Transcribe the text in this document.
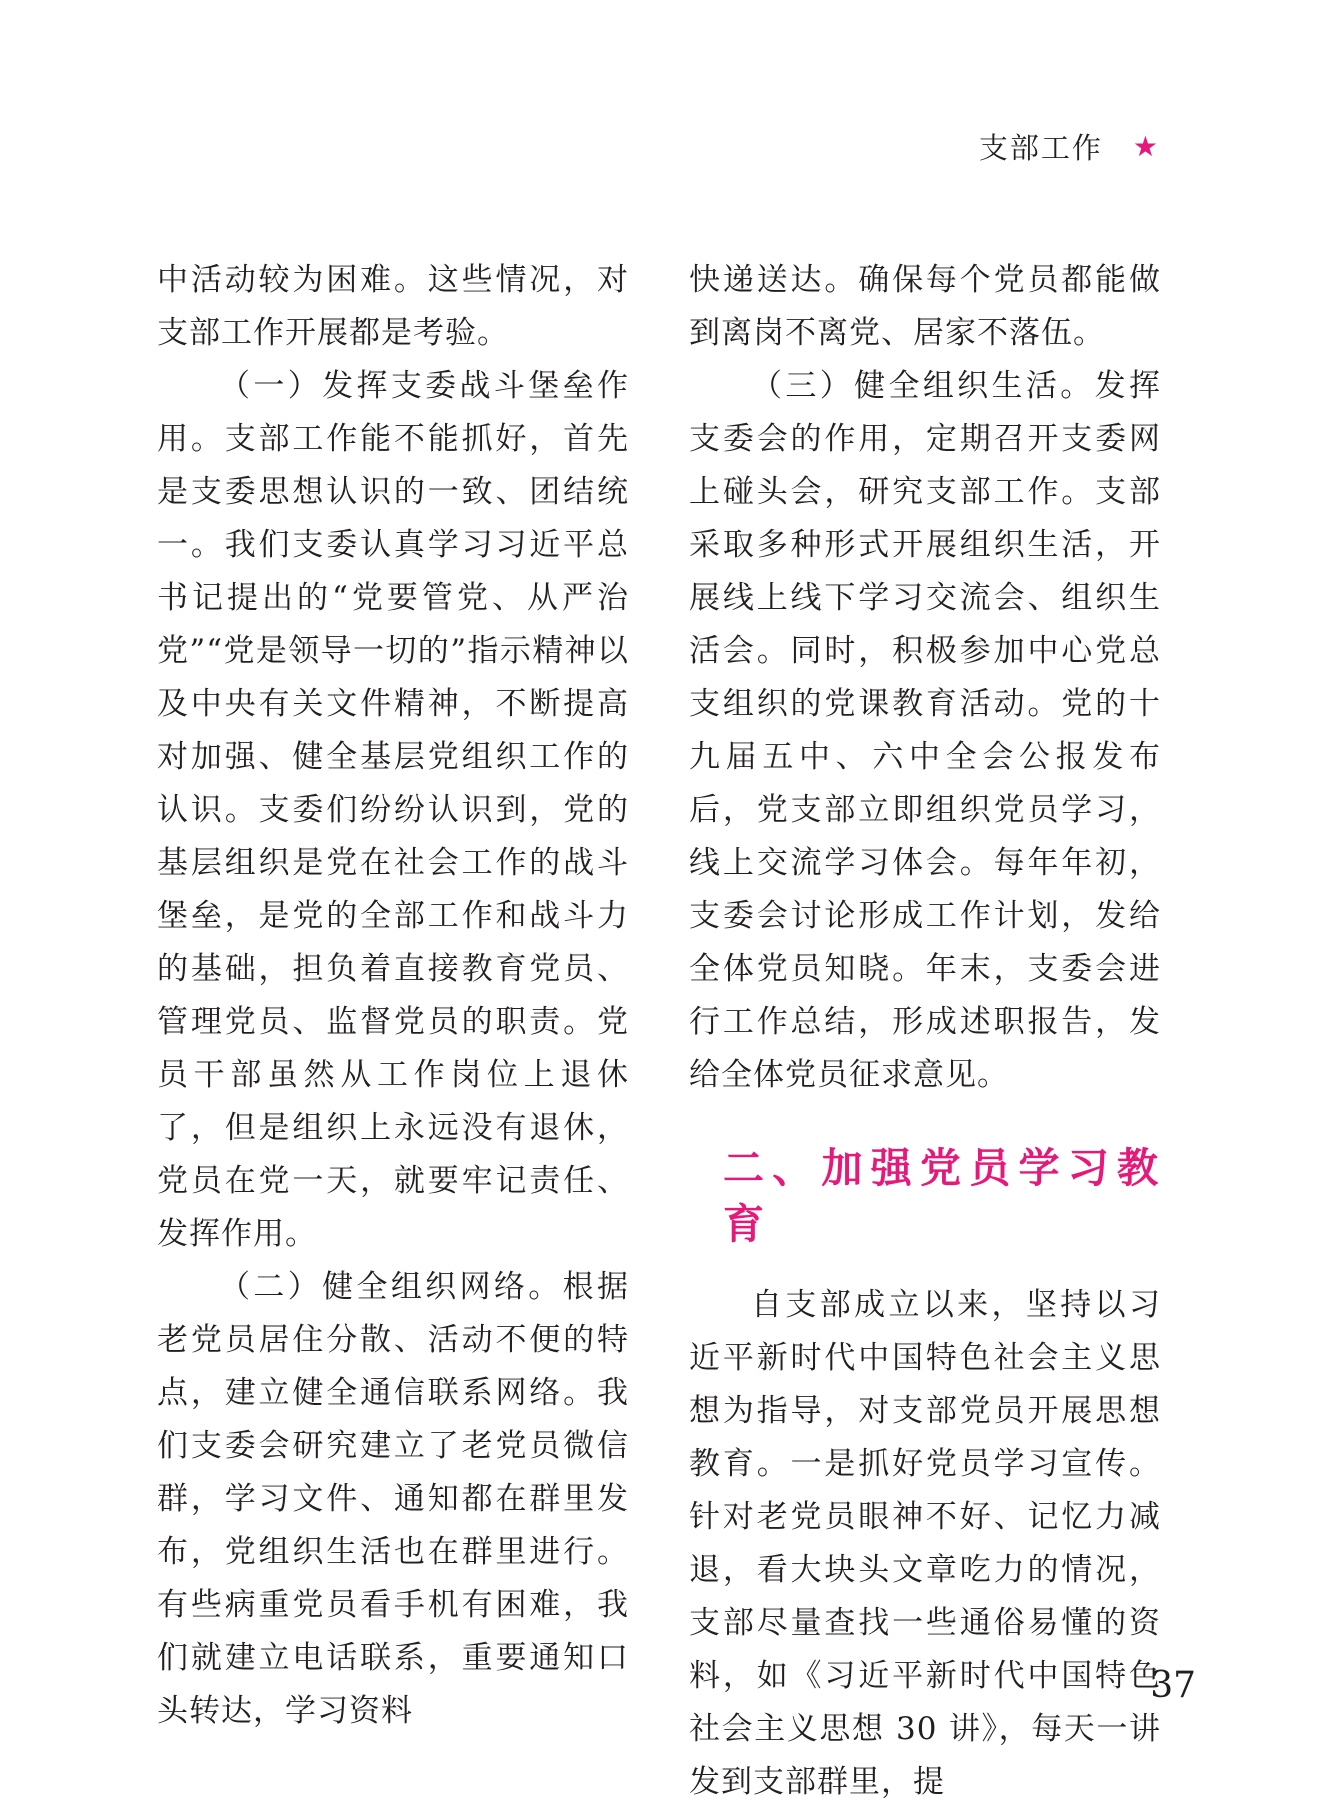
支部工作 ★

中活动较为困难。这些情况，对支部工作开展都是考验。

（一）发挥支委战斗堡垒作用。支部工作能不能抓好，首先是支委思想认识的一致、团结统一。我们支委认真学习习近平总书记提出的“党要管党、从严治党”“党是领导一切的”指示精神以及中央有关文件精神，不断提高对加强、健全基层党组织工作的认识。支委们纷纷认识到，党的基层组织是党在社会工作的战斗堡垒，是党的全部工作和战斗力的基础，担负着直接教育党员、管理党员、监督党员的职责。党员干部虽然从工作岗位上退休了，但是组织上永远没有退休，党员在党一天，就要牢记责任、发挥作用。

（二）健全组织网络。根据老党员居住分散、活动不便的特点，建立健全通信联系网络。我们支委会研究建立了老党员微信群，学习文件、通知都在群里发布，党组织生活也在群里进行。有些病重党员看手机有困难，我们就建立电话联系，重要通知口头转达，学习资料

快递送达。确保每个党员都能做到离岗不离党、居家不落伍。

（三）健全组织生活。发挥支委会的作用，定期召开支委网上碰头会，研究支部工作。支部采取多种形式开展组织生活，开展线上线下学习交流会、组织生活会。同时，积极参加中心党总支组织的党课教育活动。党的十九届五中、六中全会公报发布后，党支部立即组织党员学习，线上交流学习体会。每年年初，支委会讨论形成工作计划，发给全体党员知晓。年末，支委会进行工作总结，形成述职报告，发给全体党员征求意见。

二、加强党员学习教育

自支部成立以来，坚持以习近平新时代中国特色社会主义思想为指导，对支部党员开展思想教育。一是抓好党员学习宣传。针对老党员眼神不好、记忆力减退，看大块头文章吃力的情况，支部尽量查找一些通俗易懂的资料，如《习近平新时代中国特色社会主义思想 30 讲》，每天一讲发到支部群里，提

37
